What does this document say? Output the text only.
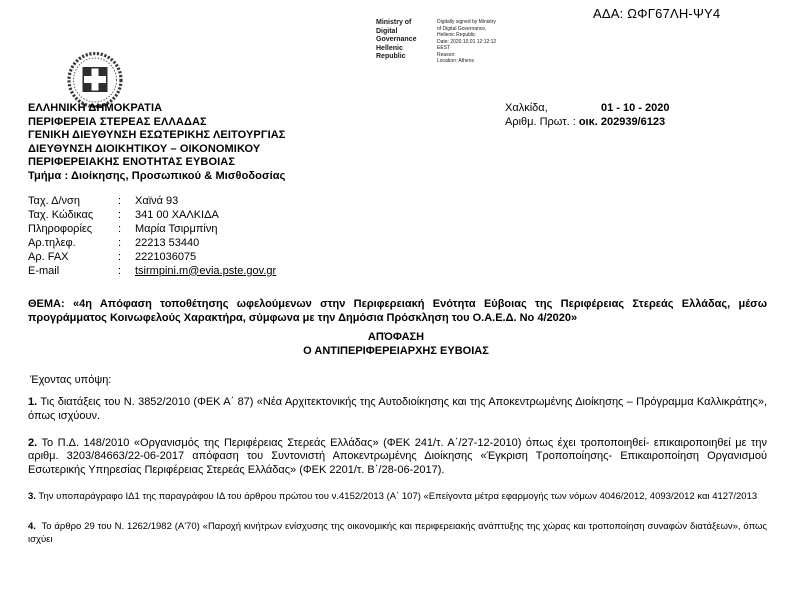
ΑΔΑ: ΩΦΓ67ΛΗ-ΨΥ4
Ministry of Digital
Governance
Hellenic Republic
Digitally signed by Ministry
of Digital Governance,
Hellenic Republic
Date: 2020.10.01 12:12:12
EEST
Reason:
Location: Athens
ΕΛΛΗΝΙΚΗ ΔΗΜΟΚΡΑΤΙΑ
ΠΕΡΙΦΕΡΕΙΑ ΣΤΕΡΕΑΣ ΕΛΛΑΔΑΣ
ΓΕΝΙΚΗ ΔΙΕΥΘΥΝΣΗ ΕΣΩΤΕΡΙΚΗΣ ΛΕΙΤΟΥΡΓΙΑΣ
ΔΙΕΥΘΥΝΣΗ ΔΙΟΙΚΗΤΙΚΟΥ – ΟΙΚΟΝΟΜΙΚΟΥ
ΠΕΡΙΦΕΡΕΙΑΚΗΣ ΕΝΟΤΗΤΑΣ ΕΥΒΟΙΑΣ
Τμήμα : Διοίκησης, Προσωπικού & Μισθοδοσίας
Χαλκίδα,	01 - 10 - 2020
Αριθμ. Πρωτ. :
οικ. 202939/6123
Ταχ. Δ/νση	:	Χαϊνά 93
Ταχ. Κώδικας	:	341 00 ΧΑΛΚΙΔΑ
Πληροφορίες	:	Μαρία Τσιρμπίνη
Αρ.τηλεφ.	:	22213 53440
Αρ. FAX	:	2221036075
E-mail	:	tsirmpini.m@evia.pste.gov.gr
ΘΕΜΑ: «4η Απόφαση τοποθέτησης ωφελούμενων στην Περιφερειακή Ενότητα Εύβοιας της Περιφέρειας Στερεάς Ελλάδας, μέσω προγράμματος Κοινωφελούς Χαρακτήρα, σύμφωνα με την Δημόσια Πρόσκληση του Ο.Α.Ε.Δ. Νο 4/2020»
ΑΠΌΦΑΣΗ
Ο ΑΝΤΙΠΕΡΙΦΕΡΕΙΑΡΧΗΣ ΕΥΒΟΙΑΣ
Έχοντας υπόψη:

1. Τις διατάξεις του Ν. 3852/2010 (ΦΕΚ Α΄ 87) «Νέα Αρχιτεκτονικής της Αυτοδιοίκησης και της Αποκεντρωμένης Διοίκησης – Πρόγραμμα Καλλικράτης», όπως ισχύουν.

2. Το Π.Δ. 148/2010 «Οργανισμός της Περιφέρειας Στερεάς Ελλάδας» (ΦΕΚ 241/τ. Α΄/27-12-2010) όπως έχει τροποποιηθεί- επικαιροποιηθεί με την αριθμ. 3203/84663/22-06-2017 απόφαση του Συντονιστή Αποκεντρωμένης Διοίκησης «Έγκριση Τροποποίησης- Επικαιροποίηση Οργανισμού Εσωτερικής Υπηρεσίας Περιφέρειας Στερεάς Ελλάδας» (ΦΕΚ 2201/τ. Β΄/28-06-2017).

3. Την υποπαράγραφο ΙΔ1 της παραγράφου ΙΔ του άρθρου πρώτου του ν.4152/2013 (Α΄ 107) «Επείγοντα μέτρα εφαρμογής των νόμων 4046/2012, 4093/2012 και 4127/2013

4. Το άρθρο 29 του Ν. 1262/1982 (Α'70) «Παροχή κινήτρων ενίσχυσης της οικονομικής και περιφερειακής ανάπτυξης της χώρας και τροποποίηση συναφών διατάξεων», όπως ισχύει
